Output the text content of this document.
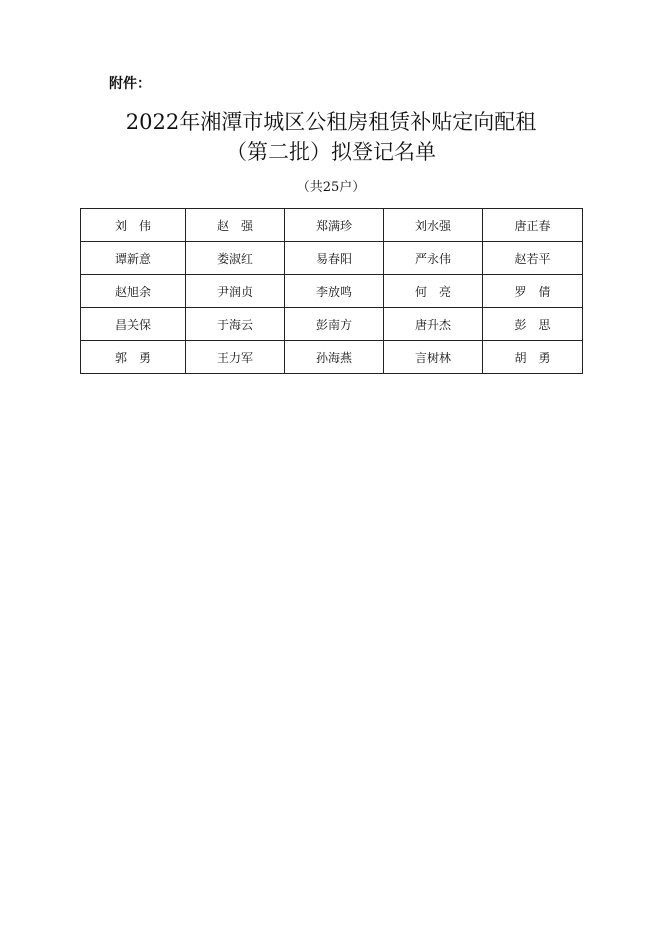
附件：
2022年湘潭市城区公租房租赁补贴定向配租
（第二批）拟登记名单
（共25户）
刘　伟	赵　强	郑满珍	刘水强	唐正春
谭新意	娄淑红	易春阳	严永伟	赵若平
赵旭余	尹润贞	李放鸣	何　亮	罗　倩
昌关保	于海云	彭南方	唐升杰	彭　思
郭　勇	王力军	孙海燕	言树林	胡　勇
